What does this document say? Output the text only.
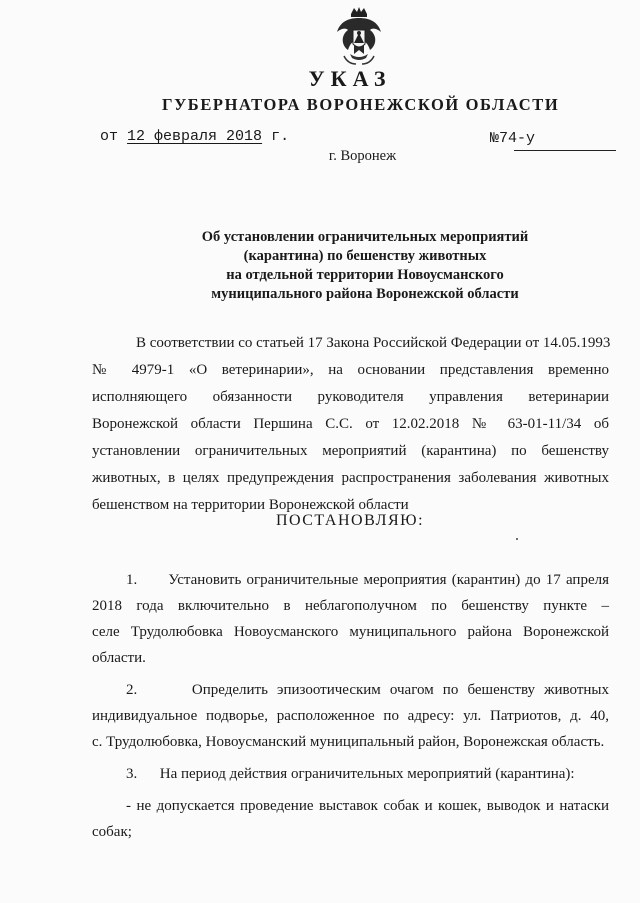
УКАЗ
ГУБЕРНАТОРА ВОРОНЕЖСКОЙ ОБЛАСТИ
от 12 февраля 2018 г.	№74-у
г. Воронеж
Об установлении ограничительных мероприятий
(карантина) по бешенству животных
на отдельной территории Новоусманского
муниципального района Воронежской области
В соответствии со статьей 17 Закона Российской Федерации от 14.05.1993
№ 4979-1 «О ветеринарии», на основании представления временно
исполняющего обязанности руководителя управления ветеринарии
Воронежской области Першина С.С. от 12.02.2018 № 63-01-11/34 об
установлении ограничительных мероприятий (карантина) по бешенству
животных, в целях предупреждения распространения заболевания животных
бешенством на территории Воронежской области
ПОСТАНОВЛЯЮ:
1. Установить ограничительные мероприятия (карантин) до 17 апреля
2018 года включительно в неблагополучном по бешенству пункте –
селе Трудолюбовка Новоусманского муниципального района Воронежской
области.
2.	Определить эпизоотическим очагом по бешенству животных
индивидуальное подворье, расположенное по адресу: ул. Патриотов, д. 40,
с. Трудолюбовка, Новоусманский муниципальный район, Воронежская область.
3. На период действия ограничительных мероприятий (карантина):
- не допускается проведение выставок собак и кошек, выводок и натаски
собак;
